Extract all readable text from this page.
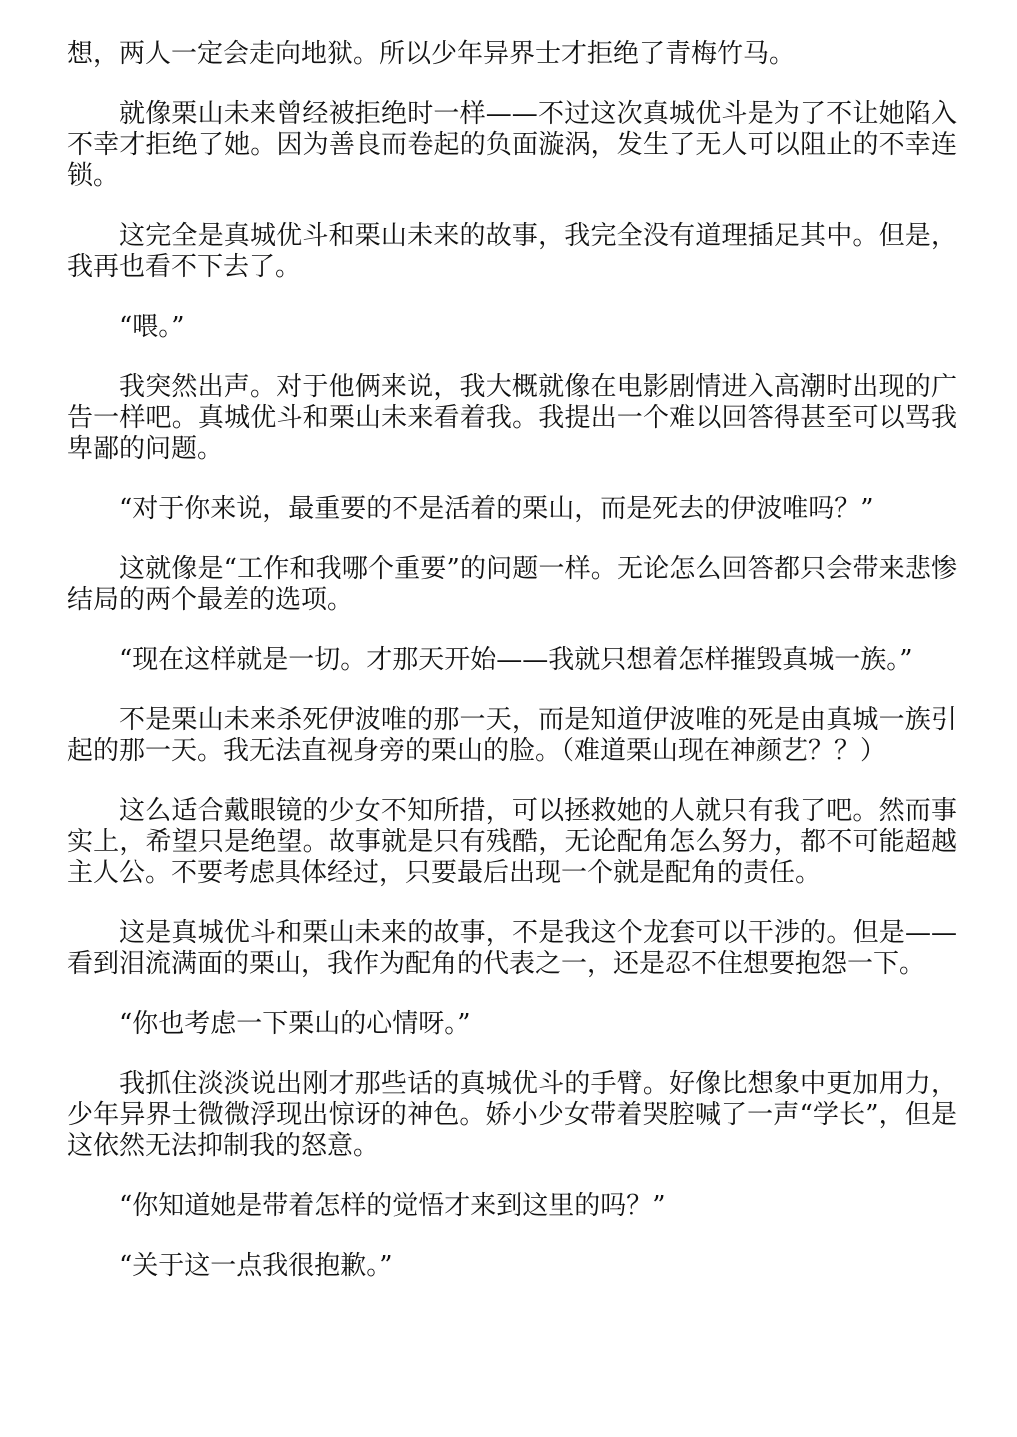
想，两人一定会走向地狱。所以少年异界士才拒绝了青梅竹马。

就像栗山未来曾经被拒绝时一样——不过这次真城优斗是为了不让她陷入不幸才拒绝了她。因为善良而卷起的负面漩涡，发生了无人可以阻止的不幸连锁。

这完全是真城优斗和栗山未来的故事，我完全没有道理插足其中。但是，我再也看不下去了。

“喂。”

我突然出声。对于他俩来说，我大概就像在电影剧情进入高潮时出现的广告一样吧。真城优斗和栗山未来看着我。我提出一个难以回答得甚至可以骂我卑鄙的问题。

“对于你来说，最重要的不是活着的栗山，而是死去的伊波唯吗？”

这就像是“工作和我哪个重要”的问题一样。无论怎么回答都只会带来悲惨结局的两个最差的选项。

“现在这样就是一切。才那天开始——我就只想着怎样摧毁真城一族。”

不是栗山未来杀死伊波唯的那一天，而是知道伊波唯的死是由真城一族引起的那一天。我无法直视身旁的栗山的脸。（难道栗山现在神颜艺？？）

这么适合戴眼镜的少女不知所措，可以拯救她的人就只有我了吧。然而事实上，希望只是绝望。故事就是只有残酷，无论配角怎么努力，都不可能超越主人公。不要考虑具体经过，只要最后出现一个就是配角的责任。

这是真城优斗和栗山未来的故事，不是我这个龙套可以干涉的。但是——看到泪流满面的栗山，我作为配角的代表之一，还是忍不住想要抱怨一下。

“你也考虑一下栗山的心情呀。”

我抓住淡淡说出刚才那些话的真城优斗的手臂。好像比想象中更加用力，少年异界士微微浮现出惊讶的神色。娇小少女带着哭腔喊了一声“学长”，但是这依然无法抑制我的怒意。

“你知道她是带着怎样的觉悟才来到这里的吗？”

“关于这一点我很抱歉。”
